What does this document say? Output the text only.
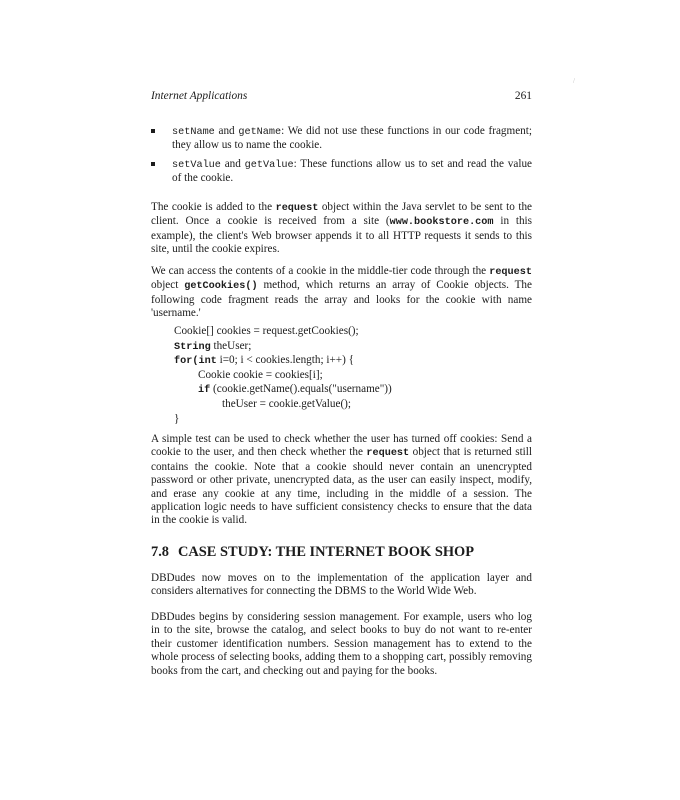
/
Internet Applications	261
setName and getName: We did not use these functions in our code fragment; they allow us to name the cookie.
setValue and getValue: These functions allow us to set and read the value of the cookie.
The cookie is added to the request object within the Java servlet to be sent to the client. Once a cookie is received from a site (www.bookstore.com in this example), the client's Web browser appends it to all HTTP requests it sends to this site, until the cookie expires.
We can access the contents of a cookie in the middle-tier code through the request object getCookies() method, which returns an array of Cookie objects. The following code fragment reads the array and looks for the cookie with name 'username.'
Cookie[] cookies = request.getCookies();
String theUser;
for(int i=0; i < cookies.length; i++) {
Cookie cookie = cookies[i];
if (cookie.getName().equals("username"))
theUser = cookie.getValue();
}
A simple test can be used to check whether the user has turned off cookies: Send a cookie to the user, and then check whether the request object that is returned still contains the cookie. Note that a cookie should never contain an unencrypted password or other private, unencrypted data, as the user can easily inspect, modify, and erase any cookie at any time, including in the middle of a session. The application logic needs to have sufficient consistency checks to ensure that the data in the cookie is valid.
7.8 CASE STUDY: THE INTERNET BOOK SHOP
DBDudes now moves on to the implementation of the application layer and considers alternatives for connecting the DBMS to the World Wide Web.
DBDudes begins by considering session management. For example, users who log in to the site, browse the catalog, and select books to buy do not want to re-enter their customer identification numbers. Session management has to extend to the whole process of selecting books, adding them to a shopping cart, possibly removing books from the cart, and checking out and paying for the books.
